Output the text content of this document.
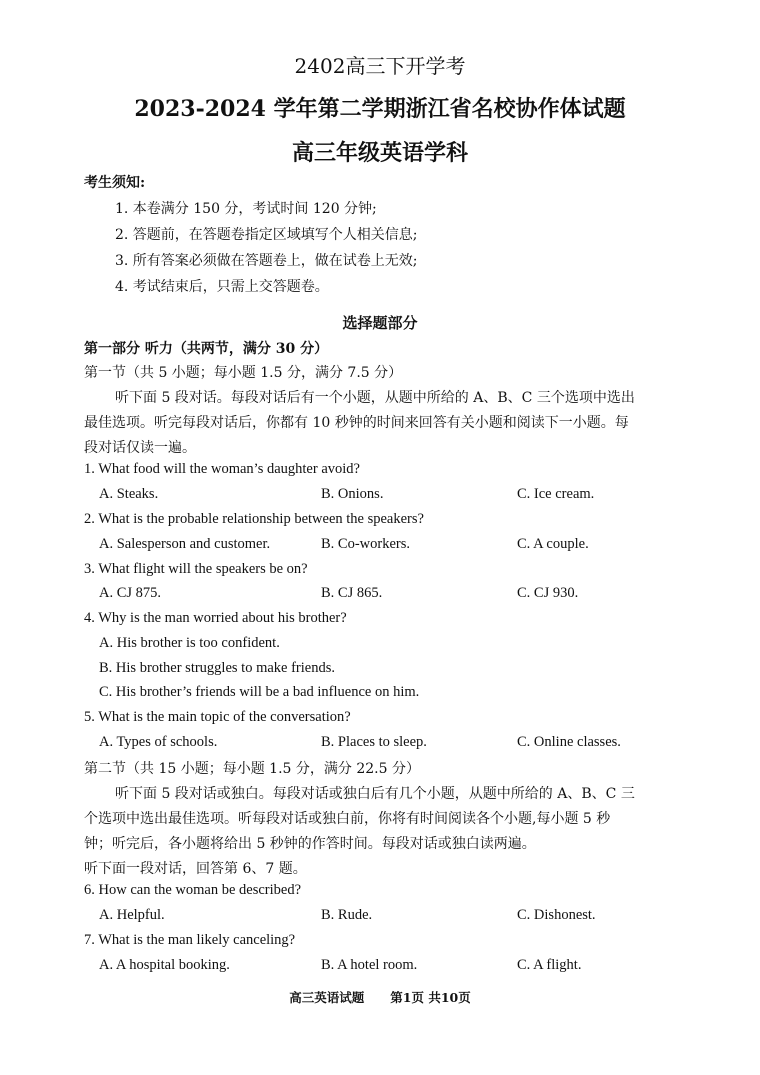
2402高三下开学考
2023-2024 学年第二学期浙江省名校协作体试题
高三年级英语学科
考生须知:
1. 本卷满分 150 分，考试时间 120 分钟;
2. 答题前，在答题卷指定区域填写个人相关信息;
3. 所有答案必须做在答题卷上，做在试卷上无效;
4. 考试结束后，只需上交答题卷。
选择题部分
第一部分 听力（共两节，满分 30 分）
第一节（共 5 小题；每小题 1.5 分，满分 7.5 分）
听下面 5 段对话。每段对话后有一个小题，从题中所给的 A、B、C 三个选项中选出
最佳选项。听完每段对话后，你都有 10 秒钟的时间来回答有关小题和阅读下一小题。每
段对话仅读一遍。
1. What food will the woman’s daughter avoid?
A. Steaks.	B. Onions.	C. Ice cream.
2. What is the probable relationship between the speakers?
A. Salesperson and customer.	B. Co-workers.	C. A couple.
3. What flight will the speakers be on?
A. CJ 875.	B. CJ 865.	C. CJ 930.
4. Why is the man worried about his brother?
A. His brother is too confident.
B. His brother struggles to make friends.
C. His brother’s friends will be a bad influence on him.
5. What is the main topic of the conversation?
A. Types of schools.	B. Places to sleep.	C. Online classes.
第二节（共 15 小题；每小题 1.5 分，满分 22.5 分）
听下面 5 段对话或独白。每段对话或独白后有几个小题，从题中所给的 A、B、C 三
个选项中选出最佳选项。听每段对话或独白前，你将有时间阅读各个小题,每小题 5 秒
钟；听完后，各小题将给出 5 秒钟的作答时间。每段对话或独白读两遍。
听下面一段对话，回答第 6、7 题。
6. How can the woman be described?
A. Helpful.	B. Rude.	C. Dishonest.
7. What is the man likely canceling?
A. A hospital booking.	B. A hotel room.	C. A flight.
高三英语试题 第1页 共10页
